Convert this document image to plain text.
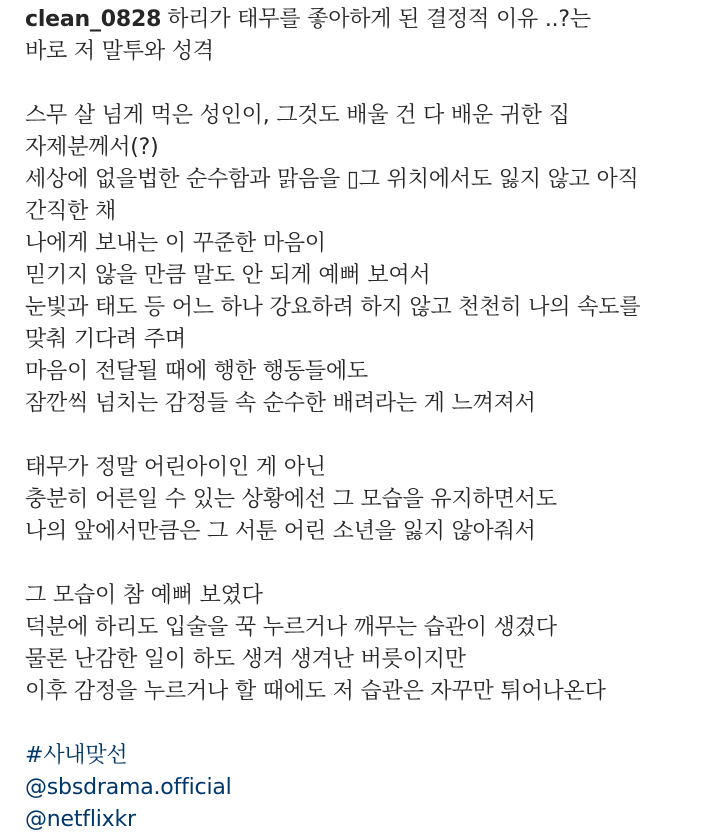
clean_0828 하리가 태무를 좋아하게 된 결정적 이유 ..?는
바로 저 말투와 성격
스무 살 넘게 먹은 성인이, 그것도 배울 건 다 배운 귀한 집
자제분께서(?)
세상에 없을법한 순수함과 맑음을 ▯그 위치에서도 잃지 않고 아직
간직한 채
나에게 보내는 이 꾸준한 마음이
믿기지 않을 만큼 말도 안 되게 예뻐 보여서
눈빛과 태도 등 어느 하나 강요하려 하지 않고 천천히 나의 속도를
맞춰 기다려 주며
마음이 전달될 때에 행한 행동들에도
잠깐씩 넘치는 감정들 속 순수한 배려라는 게 느껴져서
태무가 정말 어린아이인 게 아닌
충분히 어른일 수 있는 상황에선 그 모습을 유지하면서도
나의 앞에서만큼은 그 서툰 어린 소년을 잃지 않아줘서
그 모습이 참 예뻐 보였다
덕분에 하리도 입술을 꾹 누르거나 깨무는 습관이 생겼다
물론 난감한 일이 하도 생겨 생겨난 버릇이지만
이후 감정을 누르거나 할 때에도 저 습관은 자꾸만 튀어나온다
#사내맞선
@sbsdrama.official
@netflixkr
